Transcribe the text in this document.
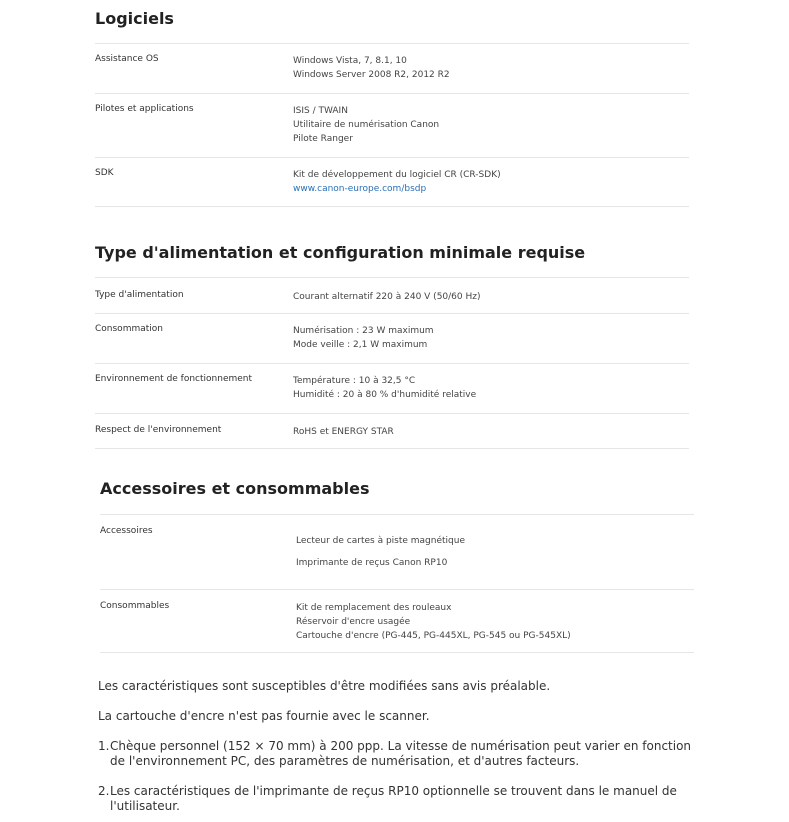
Logiciels
Assistance OS	Windows Vista, 7, 8.1, 10
Windows Server 2008 R2, 2012 R2
Pilotes et applications	ISIS / TWAIN
Utilitaire de numérisation Canon
Pilote Ranger
SDK	Kit de développement du logiciel CR (CR-SDK)
www.canon-europe.com/bsdp
Type d'alimentation et configuration minimale requise
Type d'alimentation	Courant alternatif 220 à 240 V (50/60 Hz)
Consommation	Numérisation : 23 W maximum
Mode veille : 2,1 W maximum
Environnement de fonctionnement	Température : 10 à 32,5 °C
Humidité : 20 à 80 % d'humidité relative
Respect de l'environnement	RoHS et ENERGY STAR
Accessoires et consommables
Accessoires
Lecteur de cartes à piste magnétique
Imprimante de reçus Canon RP10
Consommables	Kit de remplacement des rouleaux
Réservoir d'encre usagée
Cartouche d'encre (PG-445, PG-445XL, PG-545 ou PG-545XL)

Les caractéristiques sont susceptibles d'être modifiées sans avis préalable.

La cartouche d'encre n'est pas fournie avec le scanner.

1. Chèque personnel (152 × 70 mm) à 200 ppp. La vitesse de numérisation peut varier en fonction de l'environnement PC, des paramètres de numérisation, et d'autres facteurs.
2. Les caractéristiques de l'imprimante de reçus RP10 optionnelle se trouvent dans le manuel de l'utilisateur.
